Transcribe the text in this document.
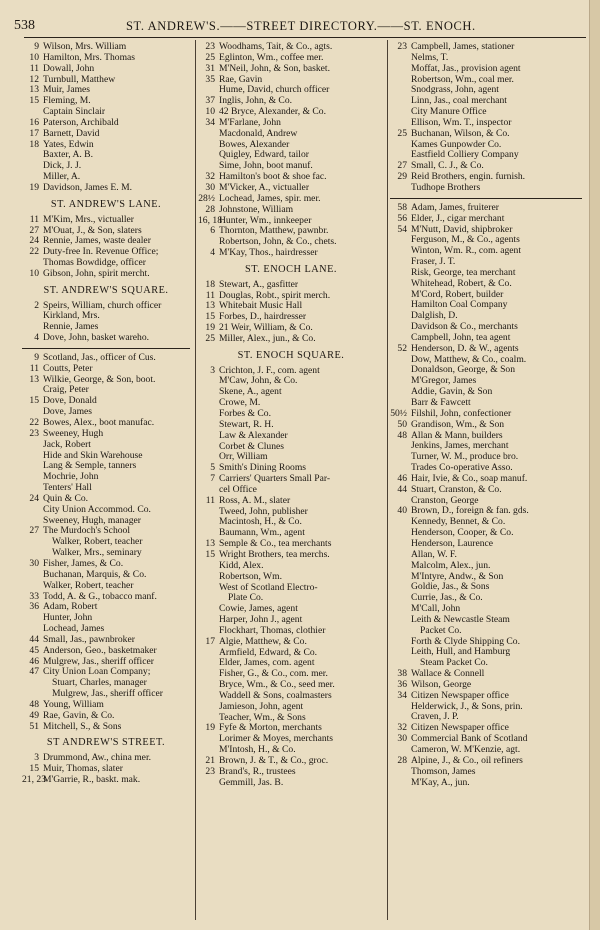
538	ST. ANDREW'S.——STREET DIRECTORY.——ST. ENOCH.
9 Wilson, Mrs. William
10 Hamilton, Mrs. Thomas
11 Dowall, John
12 Turnbull, Matthew
13 Muir, James
15 Fleming, M.
Captain Sinclair
16 Paterson, Archibald
17 Barnett, David
18 Yates, Edwin
Baxter, A. B.
Dick, J. J.
Miller, A.
19 Davidson, James E. M.
ST. ANDREW'S LANE.
11 M'Kim, Mrs., victualler
27 M'Ouat, J., & Son, slaters
24 Rennie, James, waste dealer
22 Duty-free In. Revenue Office;
Thomas Bowdidge, officer
10 Gibson, John, spirit mercht.
ST. ANDREW'S SQUARE.
2 Speirs, William, church officer
Kirkland, Mrs.
Rennie, James
4 Dove, John, basket wareho.
9 Scotland, Jas., officer of Cus.
11 Coutts, Peter
13 Wilkie, George, & Son, boot.
Craig, Peter
15 Dove, Donald
Dove, James
22 Bowes, Alex., boot manufac.
23 Sweeney, Hugh
Jack, Robert
Hide and Skin Warehouse
Lang & Semple, tanners
Mochrie, John
Tenters' Hall
24 Quin & Co.
City Union Accommod. Co.
Sweeney, Hugh, manager
27 The Murdoch's School
Walker, Robert, teacher
Walker, Mrs., seminary
30 Fisher, James, & Co.
Buchanan, Marquis, & Co.
Walker, Robert, teacher
33 Todd, A. & G., tobacco manf.
36 Adam, Robert
Hunter, John
Lochead, James
44 Small, Jas., pawnbroker
45 Anderson, Geo., basketmaker
46 Mulgrew, Jas., sheriff officer
47 City Union Loan Company;
Stuart, Charles, manager
Mulgrew, Jas., sheriff officer
48 Young, William
49 Rae, Gavin, & Co.
51 Mitchell, S., & Sons
ST ANDREW'S STREET.
3 Drummond, Aw., china mer.
15 Muir, Thomas, slater
21, 23
M'Garrie, R., baskt. mak.
23 Woodhams, Tait, & Co., agts.
25 Eglinton, Wm., coffee mer.
31 M'Neil, John, & Son, basket.
35 Rae, Gavin
Hume, David, church officer
37 Inglis, John, & Co.
10 42 Bryce, Alexander, & Co.
34 M'Farlane, John
Macdonald, Andrew
Bowes, Alexander
Quigley, Edward, tailor
Sime, John, boot manuf.
32 Hamilton's boot & shoe fac.
30 M'Vicker, A., victualler
28½ Lochead, James, spir. mer.
28 Johnstone, William
16, 18
Hunter, Wm., innkeeper
6 Thornton, Matthew, pawnbr.
Robertson, John, & Co., chets.
4 M'Kay, Thos., hairdresser
ST. ENOCH LANE.
18 Stewart, A., gasfitter
11 Douglas, Robt., spirit merch.
13 Whitebait Music Hall
15 Forbes, D., hairdresser
19 21 Weir, William, & Co.
25 Miller, Alex., jun., & Co.
ST. ENOCH SQUARE.
3 Crichton, J. F., com. agent
M'Caw, John, & Co.
Skene, A., agent
Crowe, M.
Forbes & Co.
Stewart, R. H.
Law & Alexander
Corbet & Clunes
Orr, William
5 Smith's Dining Rooms
7 Carriers' Quarters Small Par-
cel Office
11 Ross, A. M., slater
Tweed, John, publisher
Macintosh, H., & Co.
Baumann, Wm., agent
13 Semple & Co., tea merchants
15 Wright Brothers, tea merchs.
Kidd, Alex.
Robertson, Wm.
West of Scotland Electro-
Plate Co.
Cowie, James, agent
Harper, John J., agent
Flockhart, Thomas, clothier
17 Algie, Matthew, & Co.
Armfield, Edward, & Co.
Elder, James, com. agent
Fisher, G., & Co., com. mer.
Bryce, Wm., & Co., seed mer.
Waddell & Sons, coalmasters
Jamieson, John, agent
Teacher, Wm., & Sons
19 Fyfe & Morton, merchants
Lorimer & Moyes, merchants
M'Intosh, H., & Co.
21 Brown, J. & T., & Co., groc.
23 Brand's, R., trustees
Gemmill, Jas. B.
23 Campbell, James, stationer
Nelms, T.
Moffat, Jas., provision agent
Robertson, Wm., coal mer.
Snodgrass, John, agent
Linn, Jas., coal merchant
City Manure Office
Ellison, Wm. T., inspector
25 Buchanan, Wilson, & Co.
Kames Gunpowder Co.
Eastfield Colliery Company
27 Small, C. J., & Co.
29 Reid Brothers, engin. furnish.
Tudhope Brothers
58 Adam, James, fruiterer
56 Elder, J., cigar merchant
54 M'Nutt, David, shipbroker
Ferguson, M., & Co., agents
Winton, Wm. R., com. agent
Fraser, J. T.
Risk, George, tea merchant
Whitehead, Robert, & Co.
M'Cord, Robert, builder
Hamilton Coal Company
Dalglish, D.
Davidson & Co., merchants
Campbell, John, tea agent
52 Henderson, D. & W., agents
Dow, Matthew, & Co., coalm.
Donaldson, George, & Son
M'Gregor, James
Addie, Gavin, & Son
Barr & Fawcett
50½ Filshil, John, confectioner
50 Grandison, Wm., & Son
48 Allan & Mann, builders
Jenkins, James, merchant
Turner, W. M., produce bro.
Trades Co-operative Asso.
46 Hair, Ivie, & Co., soap manuf.
44 Stuart, Cranston, & Co.
Cranston, George
40 Brown, D., foreign & fan. gds.
Kennedy, Bennet, & Co.
Henderson, Cooper, & Co.
Henderson, Laurence
Allan, W. F.
Malcolm, Alex., jun.
M'Intyre, Andw., & Son
Goldie, Jas., & Sons
Currie, Jas., & Co.
M'Call, John
Leith & Newcastle Steam
Packet Co.
Forth & Clyde Shipping Co.
Leith, Hull, and Hamburg
Steam Packet Co.
38 Wallace & Connell
36 Wilson, George
34 Citizen Newspaper office
Helderwick, J., & Sons, prin.
Craven, J. P.
32 Citizen Newspaper office
30 Commercial Bank of Scotland
Cameron, W. M'Kenzie, agt.
28 Alpine, J., & Co., oil refiners
Thomson, James
M'Kay, A., jun.
